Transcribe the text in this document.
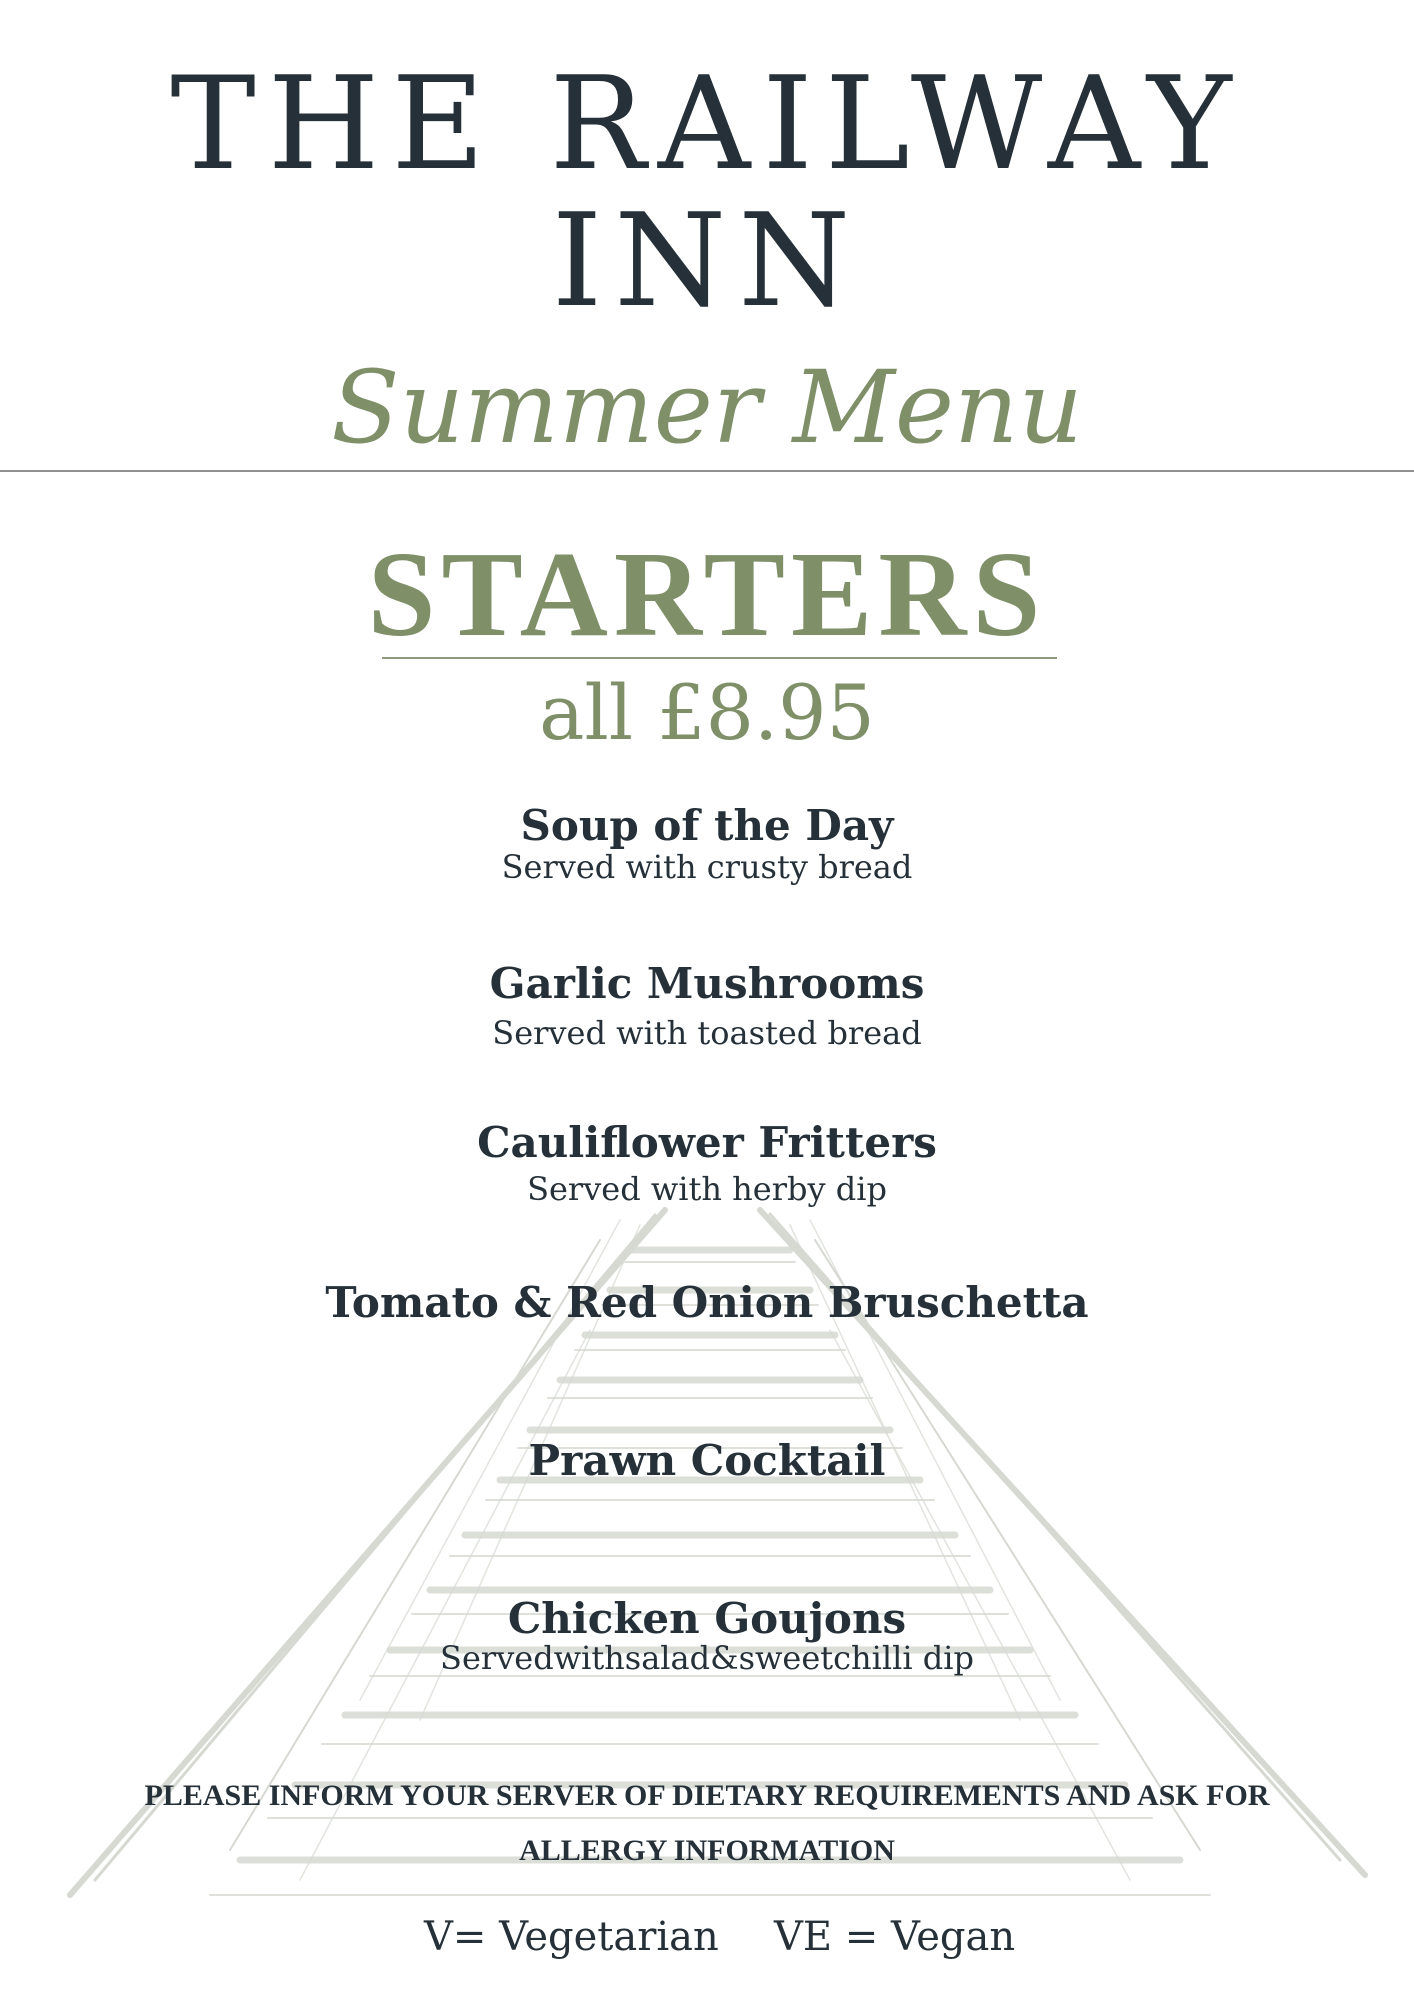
THE RAILWAY
INN
Summer Menu
STARTERS
all £8.95
Soup of the Day
Served with crusty bread
Garlic Mushrooms
Served with toasted bread
Cauliflower Fritters
Served with herby dip
Tomato & Red Onion Bruschetta
Prawn Cocktail
Chicken Goujons
Servedwithsalad&sweetchilli dip
PLEASE INFORM YOUR SERVER OF DIETARY REQUIREMENTS AND ASK FOR ALLERGY INFORMATION
V= Vegetarian VE = Vegan
